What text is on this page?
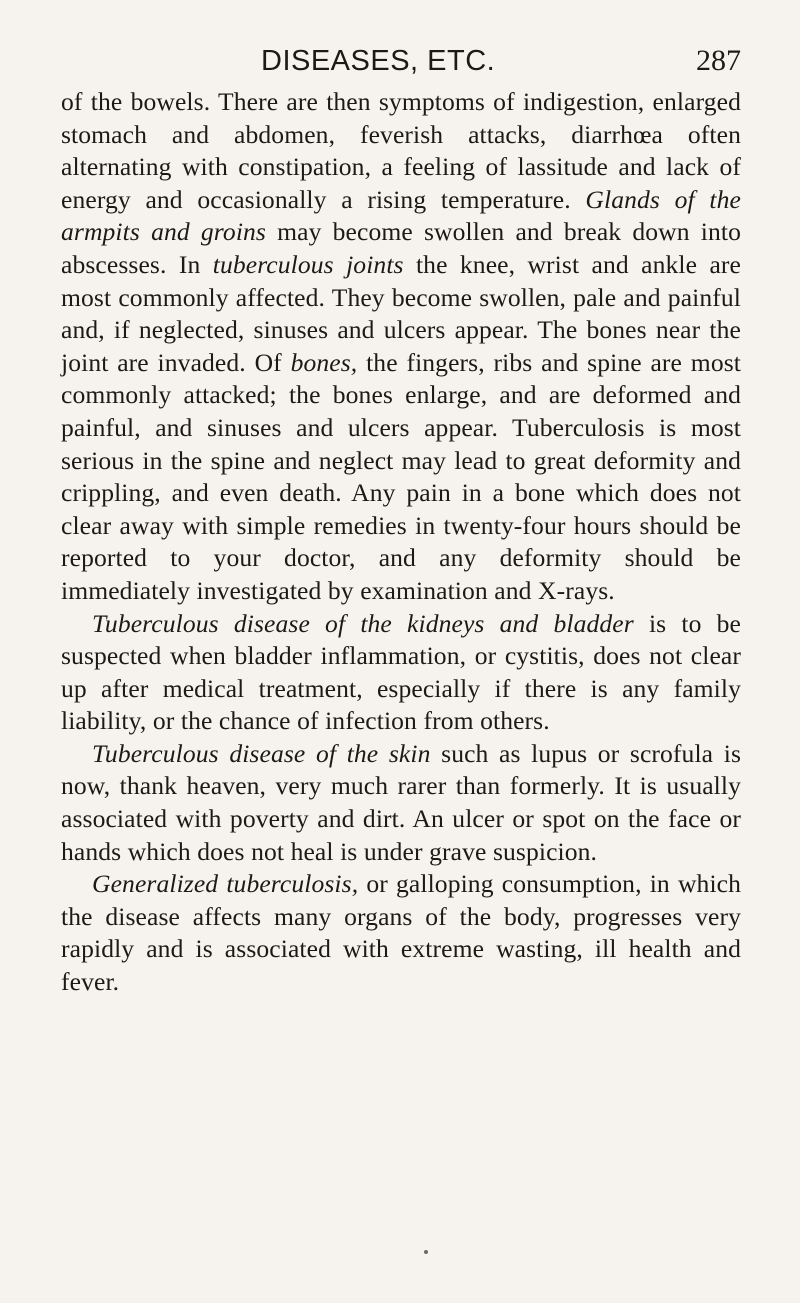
DISEASES, ETC.	287

of the bowels. There are then symptoms of indigestion, enlarged stomach and abdomen, feverish attacks, diarrhœa often alternating with constipation, a feeling of lassitude and lack of energy and occasionally a rising temperature. Glands of the armpits and groins may become swollen and break down into abscesses. In tuberculous joints the knee, wrist and ankle are most commonly affected. They become swollen, pale and painful and, if neglected, sinuses and ulcers appear. The bones near the joint are invaded. Of bones, the fingers, ribs and spine are most commonly attacked; the bones enlarge, and are deformed and painful, and sinuses and ulcers appear. Tuberculosis is most serious in the spine and neglect may lead to great deformity and crippling, and even death. Any pain in a bone which does not clear away with simple remedies in twenty-four hours should be reported to your doctor, and any deformity should be immediately investigated by examination and X-rays.

Tuberculous disease of the kidneys and bladder is to be suspected when bladder inflammation, or cystitis, does not clear up after medical treatment, especially if there is any family liability, or the chance of infection from others.

Tuberculous disease of the skin such as lupus or scrofula is now, thank heaven, very much rarer than formerly. It is usually associated with poverty and dirt. An ulcer or spot on the face or hands which does not heal is under grave suspicion.

Generalized tuberculosis, or galloping consumption, in which the disease affects many organs of the body, progresses very rapidly and is associated with extreme wasting, ill health and fever.
